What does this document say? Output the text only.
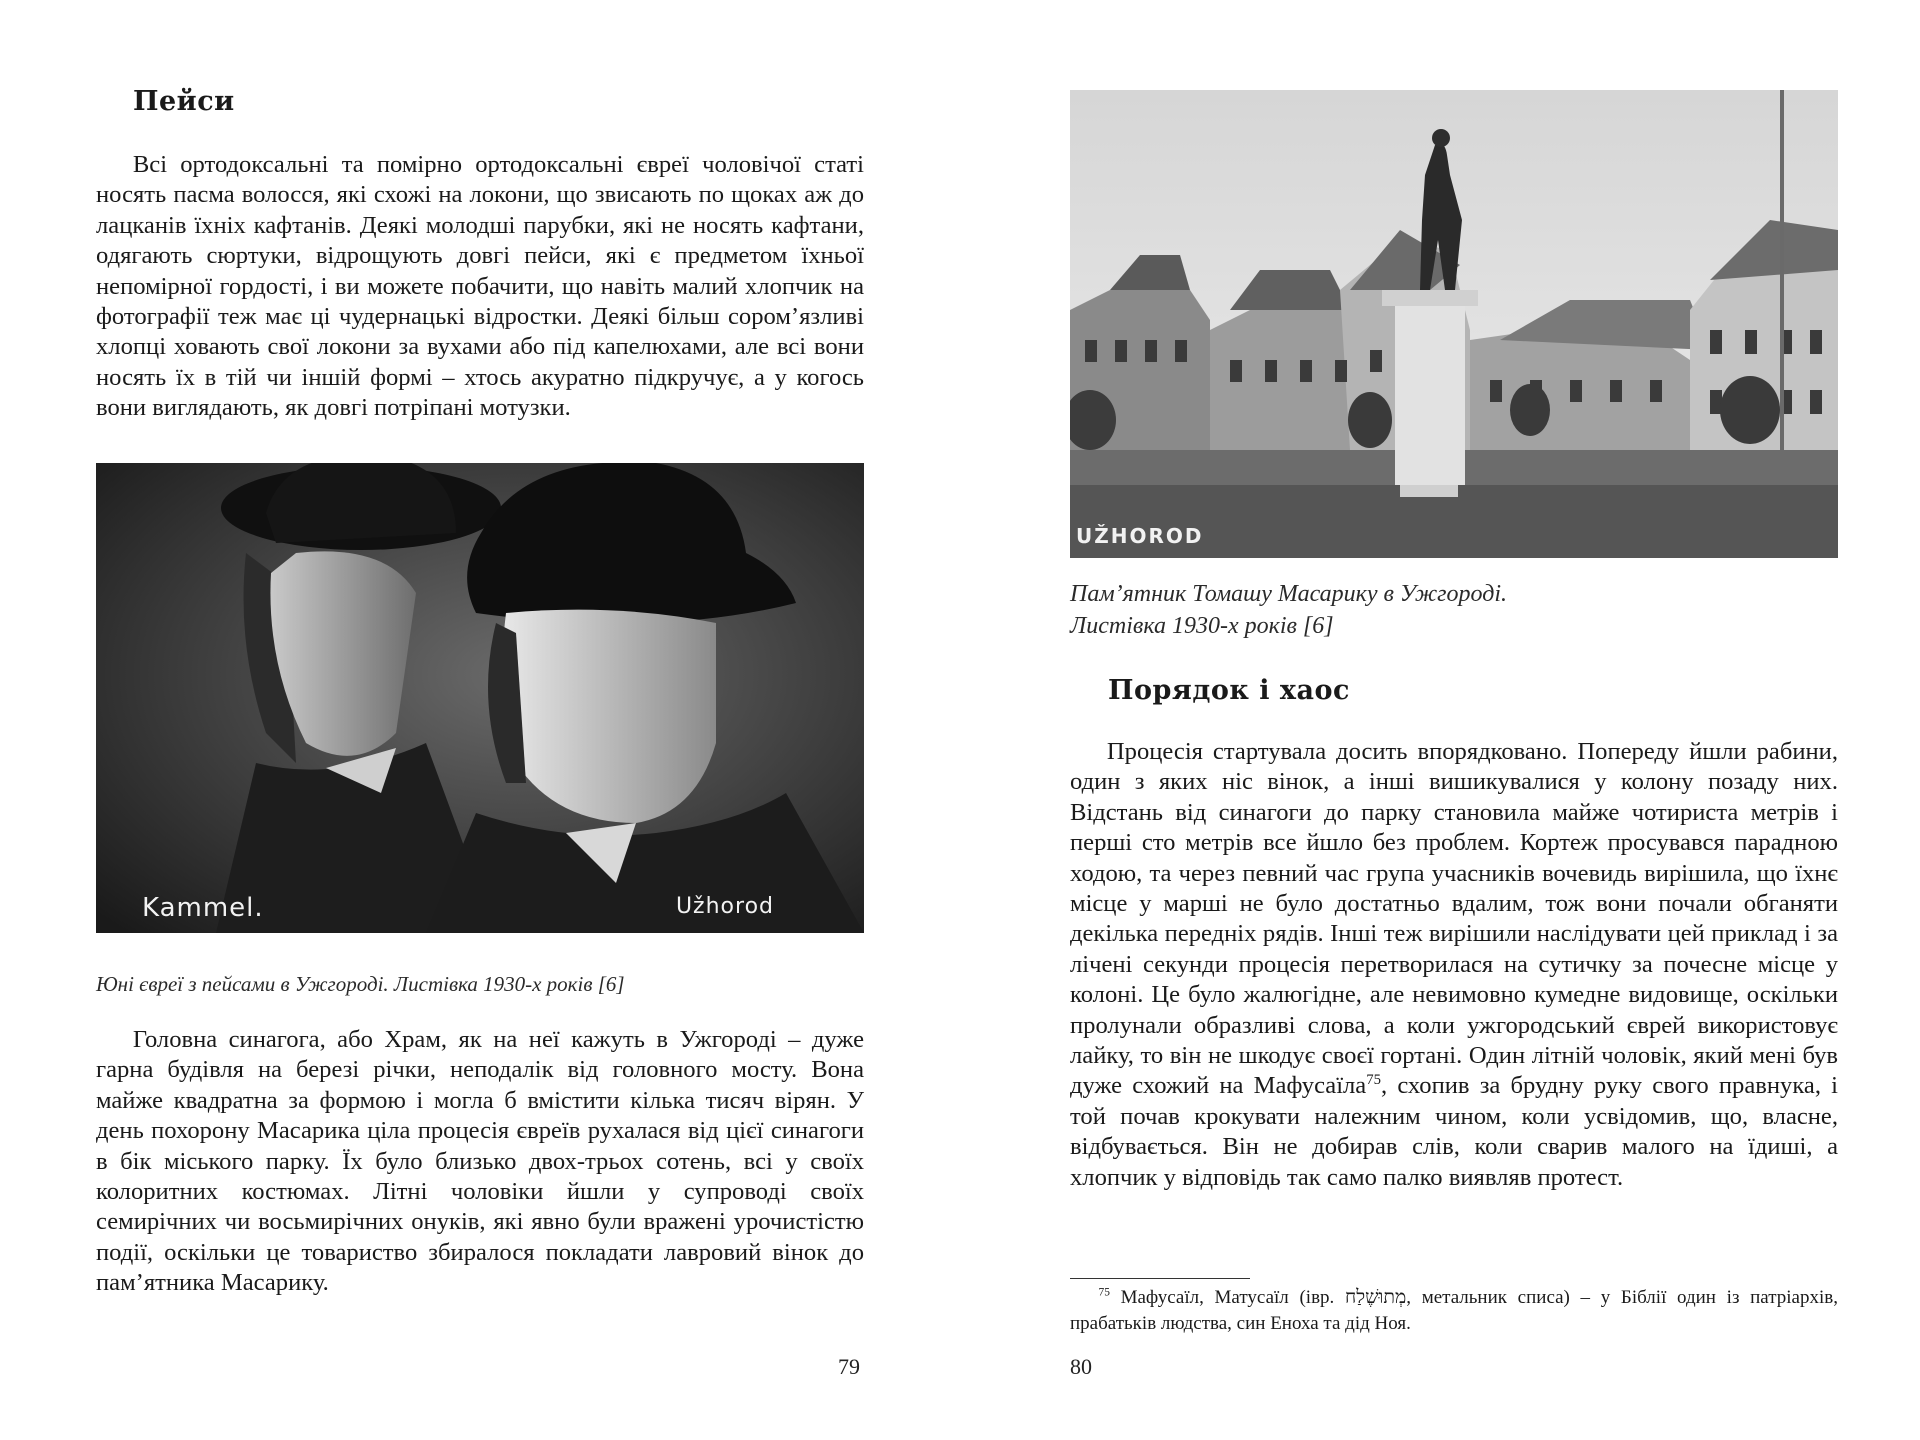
Пейси

Всі ортодоксальні та помірно ортодоксальні євреї чоловічої статі носять пасма волосся, які схожі на локони, що звисають по щоках аж до лацканів їхніх кафтанів. Деякі молодші парубки, які не носять кафтани, одягають сюртуки, відрощують довгі пейси, які є предметом їхньої непомірної гордості, і ви можете побачити, що навіть малий хлопчик на фотографії теж має ці чудернацькі відростки. Деякі більш сором’язливі хлопці ховають свої локони за вухами або під капелюхами, але всі вони носять їх в тій чи іншій формі – хтось акуратно підкручує, а у когось вони виглядають, як довгі потріпані мотузки.

Kammel.	Užhorod

Юні євреї з пейсами в Ужгороді. Листівка 1930-х років [6]

Головна синагога, або Храм, як на неї кажуть в Ужгороді – дуже гарна будівля на березі річки, неподалік від головного мосту. Вона майже квадратна за формою і могла б вмістити кілька тисяч вірян. У день похорону Масарика ціла процесія євреїв рухалася від цієї синагоги в бік міського парку. Їх було близько двох-трьох сотень, всі у своїх колоритних костюмах. Літні чоловіки йшли у супроводі своїх семирічних чи восьмирічних онуків, які явно були вражені урочистістю події, оскільки це товариство збиралося покладати лавровий вінок до пам’ятника Масарику.

79
UŽHOROD

Пам’ятник Томашу Масарику в Ужгороді.
Листівка 1930-х років [6]

Порядок і хаос

Процесія стартувала досить впорядковано. Попереду йшли рабини, один з яких ніс вінок, а інші вишикувалися у колону позаду них. Відстань від синагоги до парку становила майже чотириста метрів і перші сто метрів все йшло без проблем. Кортеж просувався парадною ходою, та через певний час група учасників вочевидь вирішила, що їхнє місце у марші не було достатньо вдалим, тож вони почали обганяти декілька передніх рядів. Інші теж вирішили наслідувати цей приклад і за лічені секунди процесія перетворилася на сутичку за почесне місце у колоні. Це було жалюгідне, але невимовно кумедне видовище, оскільки пролунали образливі слова, а коли ужгородський єврей використовує лайку, то він не шкодує своєї гортані. Один літній чоловік, який мені був дуже схожий на Мафусаїла$^{75}$, схопив за брудну руку свого правнука, і той почав крокувати належним чином, коли усвідомив, що, власне, відбувається. Він не добирав слів, коли сварив малого на їдиші, а хлопчик у відповідь так само палко виявляв протест.

$^{75}$ Мафусаїл, Матусаїл (івр. מְתוּשֶׁלַח, метальник списа) – у Біблії один із патріархів, прабатьків людства, син Еноха та дід Ноя.

80
